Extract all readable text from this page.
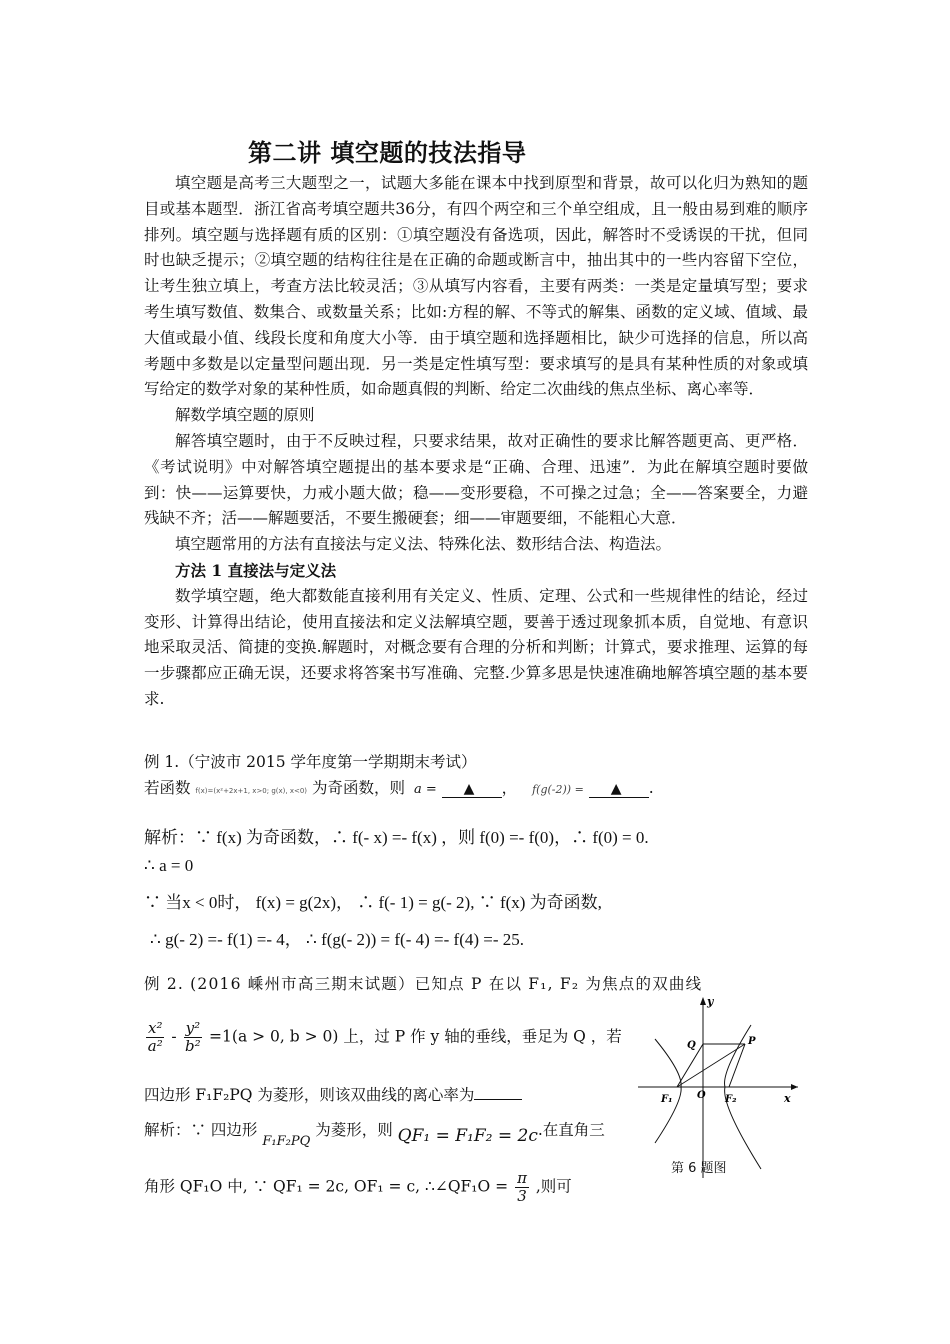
第二讲 填空题的技法指导

填空题是高考三大题型之一，试题大多能在课本中找到原型和背景，故可以化归为熟知的题目或基本题型．浙江省高考填空题共36分，有四个两空和三个单空组成，且一般由易到难的顺序排列。填空题与选择题有质的区别：①填空题没有备选项，因此，解答时不受诱误的干扰，但同时也缺乏提示；②填空题的结构往往是在正确的命题或断言中，抽出其中的一些内容留下空位，让考生独立填上，考查方法比较灵活；③从填写内容看，主要有两类：一类是定量填写型；要求考生填写数值、数集合、或数量关系；比如:方程的解、不等式的解集、函数的定义域、值域、最大值或最小值、线段长度和角度大小等．由于填空题和选择题相比，缺少可选择的信息，所以高考题中多数是以定量型问题出现．另一类是定性填写型：要求填写的是具有某种性质的对象或填写给定的数学对象的某种性质，如命题真假的判断、给定二次曲线的焦点坐标、离心率等．

解数学填空题的原则

解答填空题时，由于不反映过程，只要求结果，故对正确性的要求比解答题更高、更严格．《考试说明》中对解答填空题提出的基本要求是“正确、合理、迅速”．为此在解填空题时要做到：快——运算要快，力戒小题大做；稳——变形要稳，不可操之过急；全——答案要全，力避残缺不齐；活——解题要活，不要生搬硬套；细——审题要细，不能粗心大意．

填空题常用的方法有直接法与定义法、特殊化法、数形结合法、构造法。

方法 1 直接法与定义法

数学填空题，绝大都数能直接利用有关定义、性质、定理、公式和一些规律性的结论，经过变形、计算得出结论，使用直接法和定义法解填空题，要善于透过现象抓本质，自觉地、有意识地采取灵活、简捷的变换.解题时，对概念要有合理的分析和判断；计算式，要求推理、运算的每一步骤都应正确无误，还要求将答案书写准确、完整.少算多思是快速准确地解答填空题的基本要求.

例 1.（宁波市 2015 学年度第一学期期末考试）
若函数 f(x)=(x²+2x+1, x>0; g(x), x<0) 为奇函数，则 a = ▲ ， f(g(-2)) = ▲ .
解析：∵ f(x) 为奇函数，∴ f(- x) =- f(x) ，则 f(0) =- f(0)，∴ f(0) = 0.
∴ a = 0
∵ 当x < 0时， f(x) = g(2x)， ∴ f(- 1) = g(- 2), ∵ f(x) 为奇函数,
∴ g(- 2) =- f(1) =- 4， ∴ f(g(- 2)) = f(- 4) =- f(4) =- 25.
例 2. (2016 嵊州市高三期末试题）已知点 P 在以 F₁, F₂ 为焦点的双曲线
$\frac{\text{x²}}{\text{a²}} - \frac{\text{y²}}{\text{b²}} =1(a > 0$, b > 0) 上，过 P 作 y 轴的垂线，垂足为 Q ，若
四边形 F₁F₂PQ 为菱形，则该双曲线的离心率为
解析：∵ 四边形 $_{F_1F_2PQ}$ 为菱形，则 QF₁ = F₁F₂ = 2c.在直角三
角形 QF₁O 中, ∵ QF₁ = 2c, OF₁ = c, ∴∠QF₁O = $\frac{\pi}{3}$ ,则可
y
x
Q	P
O
F₁	F₂
第 6 题图
